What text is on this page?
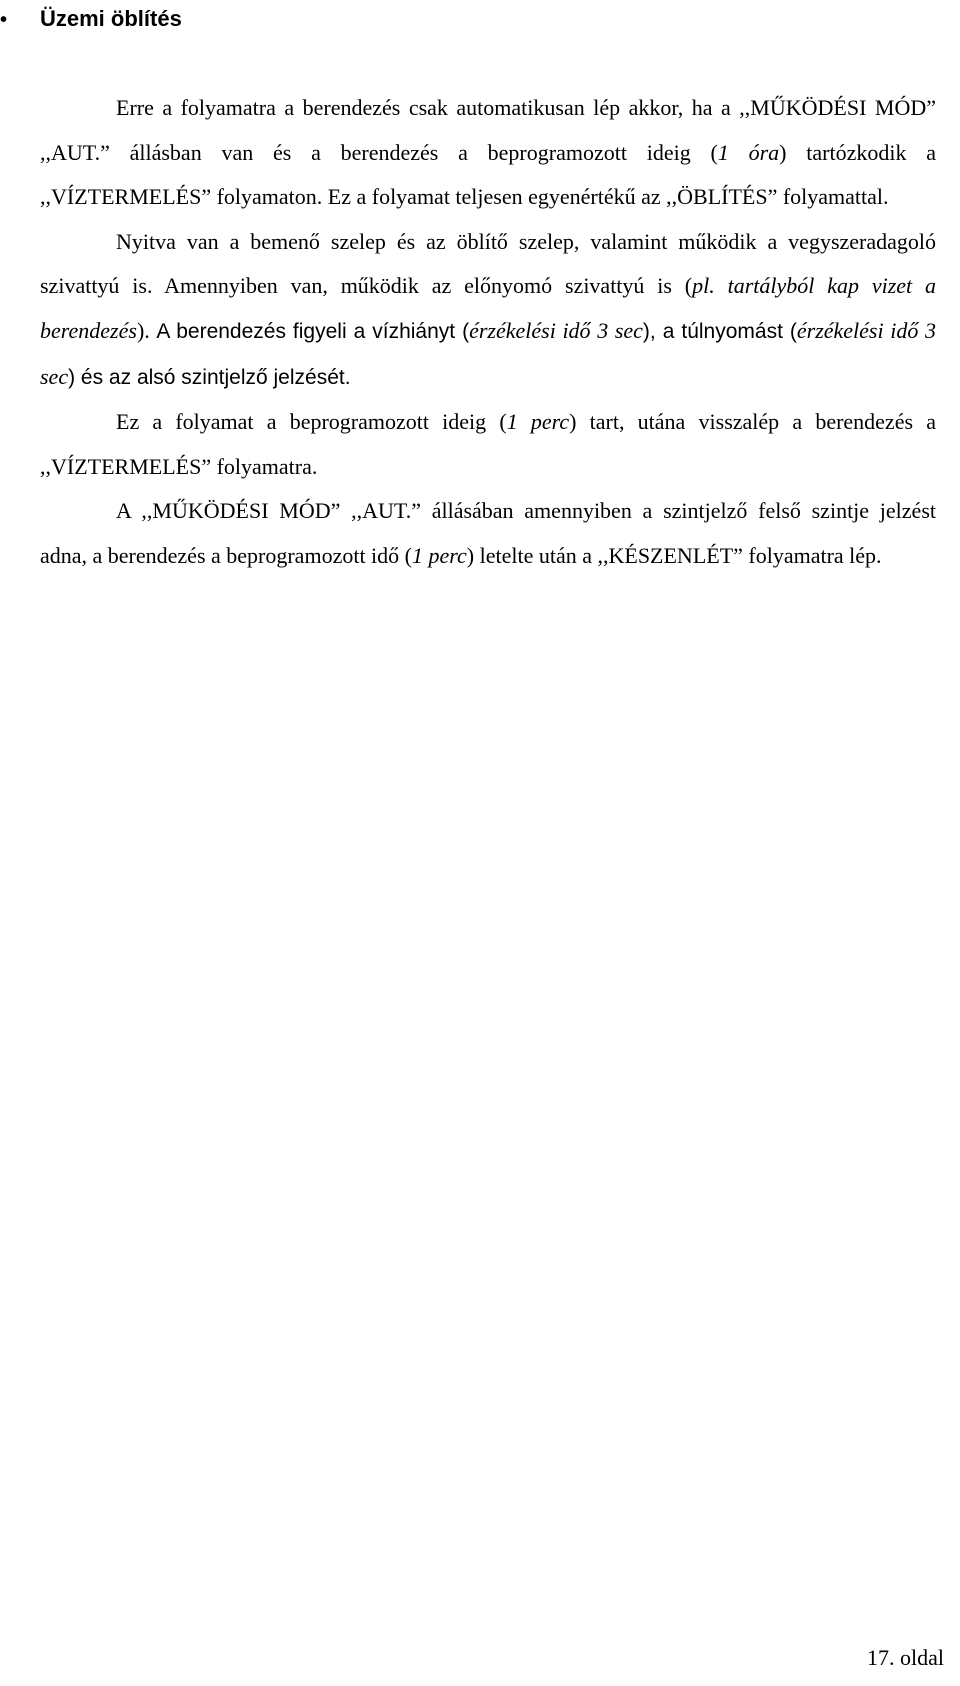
• Üzemi öblítés

Erre a folyamatra a berendezés csak automatikusan lép akkor, ha a ,,MŰKÖDÉSI MÓD” ,,AUT.” állásban van és a berendezés a beprogramozott ideig (1 óra) tartózkodik a ,,VÍZTERMELÉS” folyamaton. Ez a folyamat teljesen egyenértékű az ,,ÖBLÍTÉS” folyamattal.

Nyitva van a bemenő szelep és az öblítő szelep, valamint működik a vegyszeradagoló szivattyú is. Amennyiben van, működik az előnyomó szivattyú is (pl. tartályból kap vizet a berendezés). A berendezés figyeli a vízhiányt (érzékelési idő 3 sec), a túlnyomást (érzékelési idő 3 sec) és az alsó szintjelző jelzését.

Ez a folyamat a beprogramozott ideig (1 perc) tart, utána visszalép a berendezés a ,,VÍZTERMELÉS” folyamatra.

A ,,MŰKÖDÉSI MÓD” ,,AUT.” állásában amennyiben a szintjelző felső szintje jelzést adna, a berendezés a beprogramozott idő (1 perc) letelte után a ,,KÉSZENLÉT” folyamatra lép.

17. oldal
